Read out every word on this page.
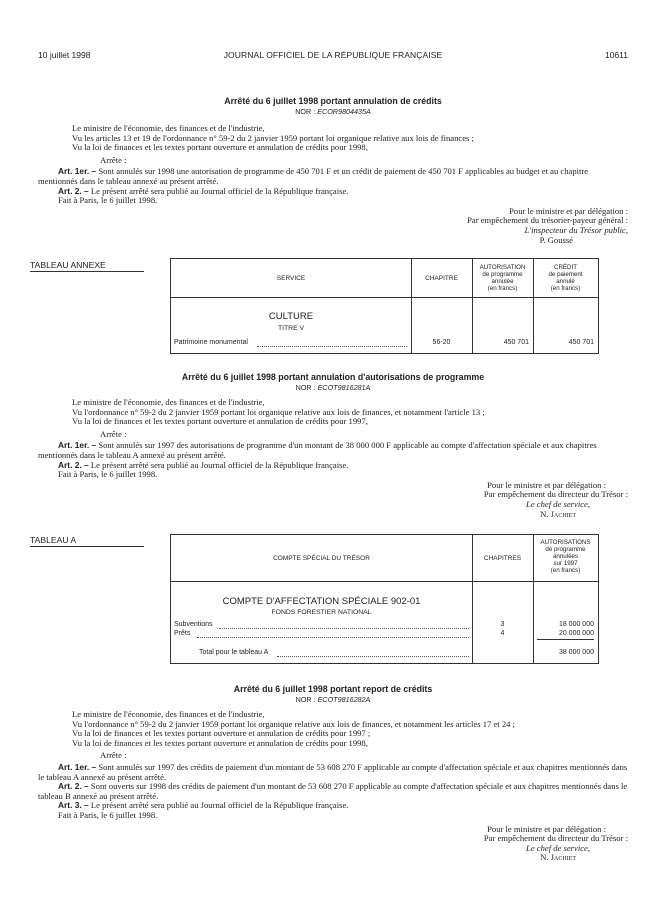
10 juillet 1998	JOURNAL OFFICIEL DE LA RÉPUBLIQUE FRANÇAISE	10611
Arrêté du 6 juillet 1998 portant annulation de crédits
NOR : ECOR9804435A

Le ministre de l'économie, des finances et de l'industrie,

Vu les articles 13 et 19 de l'ordonnance n° 59-2 du 2 janvier 1959 portant loi organique relative aux lois de finances ;

Vu la loi de finances et les textes portant ouverture et annulation de crédits pour 1998,

Arrête :

Art. 1er. – Sont annulés sur 1998 une autorisation de programme de 450 701 F et un crédit de paiement de 450 701 F applicables au budget et au chapitre mentionnés dans le tableau annexé au présent arrêté.

Art. 2. – Le présent arrêté sera publié au Journal officiel de la République française.

Fait à Paris, le 6 juillet 1998.

Pour le ministre et par délégation :

Par empêchement du trésorier-payeur général :

L'inspecteur du Trésor public,

P. Goussé

TABLEAU ANNEXE
SERVICE	CHAPITRE
AUTORISATION
de programme
annulée
(en francs)
CRÉDIT
de paiement
annulé
(en francs)
CULTURE
TITRE V
Patrimoine monumental	56-20	450 701	450 701
Arrêté du 6 juillet 1998 portant annulation d'autorisations de programme
NOR : ECOT9816281A

Le ministre de l'économie, des finances et de l'industrie,

Vu l'ordonnance n° 59-2 du 2 janvier 1959 portant loi organique relative aux lois de finances, et notamment l'article 13 ;

Vu la loi de finances et les textes portant ouverture et annulation de crédits pour 1997,

Arrête :

Art. 1er. – Sont annulés sur 1997 des autorisations de programme d'un montant de 38 000 000 F applicable au compte d'affectation spéciale et aux chapitres mentionnés dans le tableau A annexé au présent arrêté.

Art. 2. – Le présent arrêté sera publié au Journal officiel de la République française.

Fait à Paris, le 6 juillet 1998.

Pour le ministre et par délégation :

Par empêchement du directeur du Trésor :

Le chef de service,

N. Jachiet

TABLEAU A
COMPTE SPÉCIAL DU TRÉSOR	CHAPITRES
AUTORISATIONS
de programme
annulées
sur 1997
(en francs)
COMPTE D'AFFECTATION SPÉCIALE 902-01
FONDS FORESTIER NATIONAL
Subventions	3	18 000 000
Prêts	4	20 000 000
Total pour le tableau A	38 000 000
Arrêté du 6 juillet 1998 portant report de crédits
NOR : ECOT9816282A

Le ministre de l'économie, des finances et de l'industrie,

Vu l'ordonnance n° 59-2 du 2 janvier 1959 portant loi organique relative aux lois de finances, et notamment les articles 17 et 24 ;

Vu la loi de finances et les textes portant ouverture et annulation de crédits pour 1997 ;

Vu la loi de finances et les textes portant ouverture et annulation de crédits pour 1998,

Arrête :

Art. 1er. – Sont annulés sur 1997 des crédits de paiement d'un montant de 53 608 270 F applicable au compte d'affectation spéciale et aux chapitres mentionnés dans le tableau A annexé au présent arrêté.

Art. 2. – Sont ouverts sur 1998 des crédits de paiement d'un montant de 53 608 270 F applicable au compte d'affectation spéciale et aux chapitres mentionnés dans le tableau B annexé au présent arrêté.

Art. 3. – Le présent arrêté sera publié au Journal officiel de la République française.

Fait à Paris, le 6 juillet 1998.

Pour le ministre et par délégation :

Par empêchement du directeur du Trésor :

Le chef de service,

N. Jachiet
